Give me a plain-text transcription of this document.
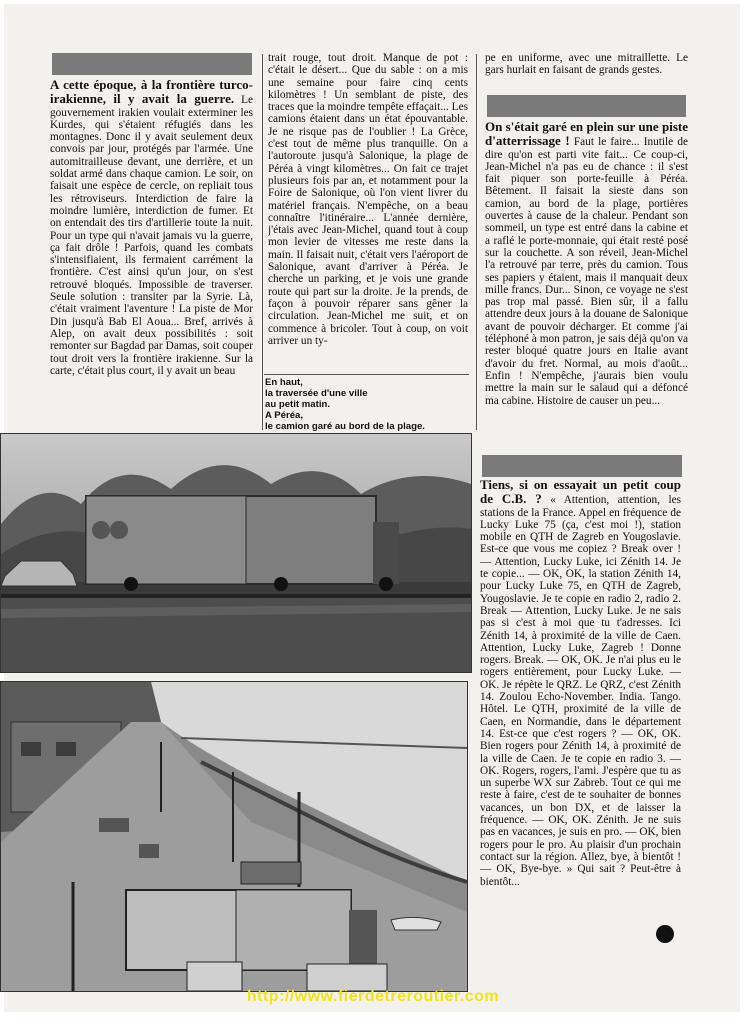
A cette époque, à la frontière turco-irakienne, il y avait la guerre. Le gouvernement irakien voulait exterminer les Kurdes, qui s'étaient réfugiés dans les montagnes. Donc il y avait seulement deux convois par jour, protégés par l'armée. Une automitrailleuse devant, une derrière, et un soldat armé dans chaque camion. Le soir, on faisait une espèce de cercle, on repliait tous les rétroviseurs. Interdiction de faire la moindre lumière, interdiction de fumer. Et on entendait des tirs d'artillerie toute la nuit. Pour un type qui n'avait jamais vu la guerre, ça fait drôle ! Parfois, quand les combats s'intensifiaient, ils fermaient carrément la frontière. C'est ainsi qu'un jour, on s'est retrouvé bloqués. Impossible de traverser. Seule solution : transiter par la Syrie. Là, c'était vraiment l'aventure ! La piste de Mor Din jusqu'à Bab El Aoua... Bref, arrivés à Alep, on avait deux possibilités : soit remonter sur Bagdad par Damas, soit couper tout droit vers la frontière irakienne. Sur la carte, c'était plus court, il y avait un beau

trait rouge, tout droit. Manque de pot : c'était le désert... Que du sable : on a mis une semaine pour faire cinq cents kilomètres ! Un semblant de piste, des traces que la moindre tempête effaçait... Les camions étaient dans un état épouvantable. Je ne risque pas de l'oublier ! La Grèce, c'est tout de même plus tranquille. On a l'autoroute jusqu'à Salonique, la plage de Péréa à vingt kilomètres... On fait ce trajet plusieurs fois par an, et notamment pour la Foire de Salonique, où l'on vient livrer du matériel français. N'empêche, on a beau connaître l'itinéraire... L'année dernière, j'étais avec Jean-Michel, quand tout à coup mon levier de vitesses me reste dans la main. Il faisait nuit, c'était vers l'aéroport de Salonique, avant d'arriver à Péréa. Je cherche un parking, et je vois une grande route qui part sur la droite. Je la prends, de façon à pouvoir réparer sans gêner la circulation. Jean-Michel me suit, et on commence à bricoler. Tout à coup, on voit arriver un ty-

En haut,
la traversée d'une ville
au petit matin.
A Péréa,
le camion garé au bord de la plage.

pe en uniforme, avec une mitraillette. Le gars hurlait en faisant de grands gestes.

On s'était garé en plein sur une piste d'atterrissage ! Faut le faire... Inutile de dire qu'on est parti vite fait... Ce coup-ci, Jean-Michel n'a pas eu de chance : il s'est fait piquer son porte-feuille à Péréa. Bêtement. Il faisait la sieste dans son camion, au bord de la plage, portières ouvertes à cause de la chaleur. Pendant son sommeil, un type est entré dans la cabine et a raflé le porte-monnaie, qui était resté posé sur la couchette. A son réveil, Jean-Michel l'a retrouvé par terre, près du camion. Tous ses papiers y étaient, mais il manquait deux mille francs. Dur... Sinon, ce voyage ne s'est pas trop mal passé. Bien sûr, il a fallu attendre deux jours à la douane de Salonique avant de pouvoir décharger. Et comme j'ai téléphoné à mon patron, je sais déjà qu'on va rester bloqué quatre jours en Italie avant d'avoir du fret. Normal, au mois d'août... Enfin ! N'empêche, j'aurais bien voulu mettre la main sur le salaud qui a défoncé ma cabine. Histoire de causer un peu...

Tiens, si on essayait un petit coup de C.B. ? « Attention, attention, les stations de la France. Appel en fréquence de Lucky Luke 75 (ça, c'est moi !), station mobile en QTH de Zagreb en Yougoslavie. Est-ce que vous me copiez ? Break over ! — Attention, Lucky Luke, ici Zénith 14. Je te copie... — OK, OK, la station Zénith 14, pour Lucky Luke 75, en QTH de Zagreb, Yougoslavie. Je te copie en radio 2, radio 2. Break — Attention, Lucky Luke. Je ne sais pas si c'est à moi que tu t'adresses. Ici Zénith 14, à proximité de la ville de Caen. Attention, Lucky Luke, Zagreb ! Donne rogers. Break. — OK, OK. Je n'ai plus eu le rogers entièrement, pour Lucky Luke. — OK. Je répète le QRZ. Le QRZ, c'est Zénith 14. Zoulou Echo-November. India. Tango. Hôtel. Le QTH, proximité de la ville de Caen, en Normandie, dans le département 14. Est-ce que c'est rogers ? — OK, OK. Bien rogers pour Zénith 14, à proximité de la ville de Caen. Je te copie en radio 3. — OK. Rogers, rogers, l'ami. J'espère que tu as un superbe WX sur Zabreb. Tout ce qui me reste à faire, c'est de te souhaiter de bonnes vacances, un bon DX, et de laisser la fréquence. — OK, OK. Zénith. Je ne suis pas en vacances, je suis en pro. — OK, bien rogers pour le pro. Au plaisir d'un prochain contact sur la région. Allez, bye, à bientôt ! — OK, Bye-bye. » Qui sait ? Peut-être à bientôt...

http://www.fierdetreroutier.com
